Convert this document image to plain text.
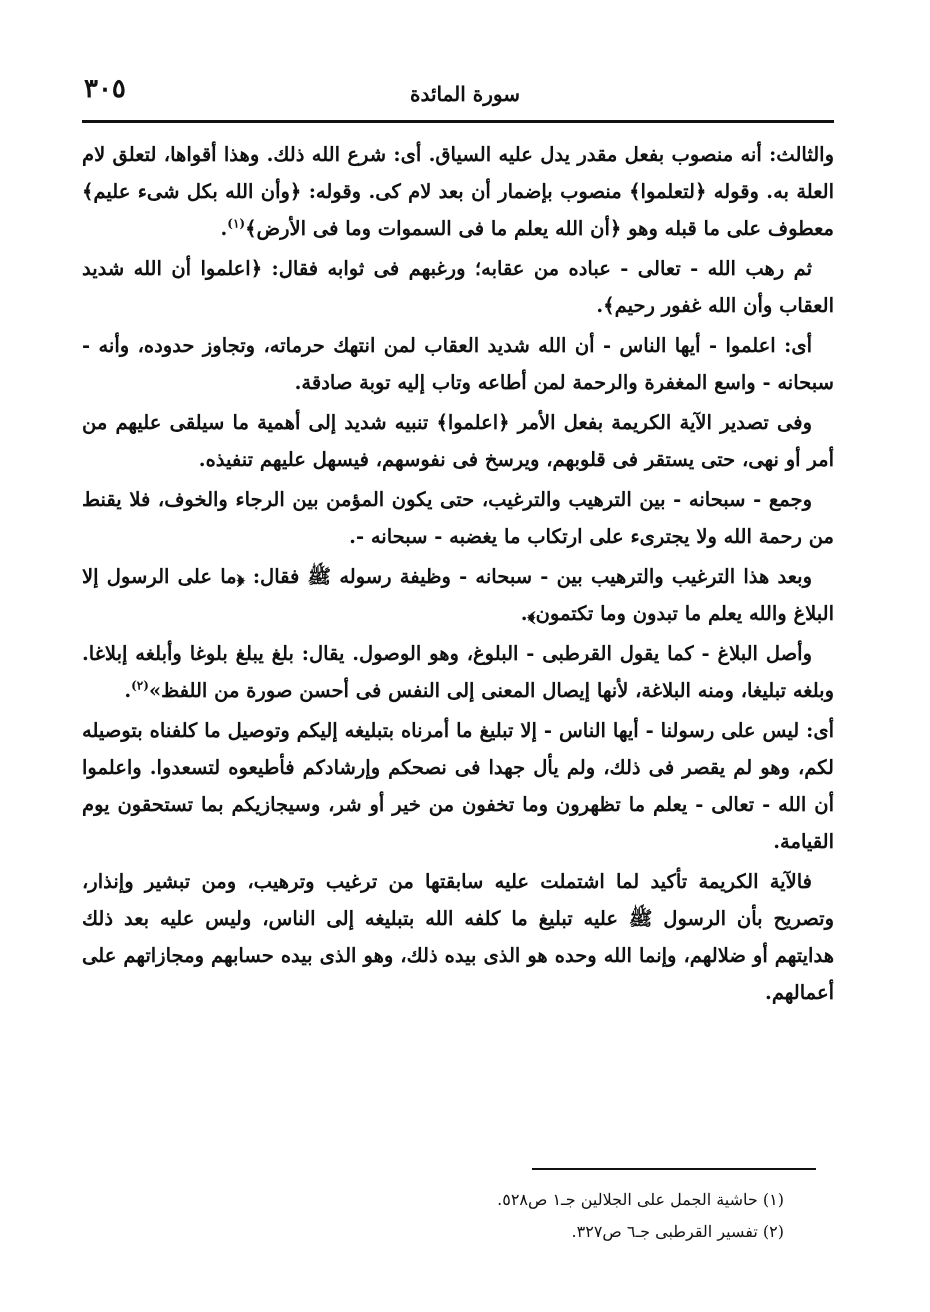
٣٠٥	سورة المائدة

والثالث: أنه منصوب بفعل مقدر يدل عليه السياق. أى: شرع الله ذلك. وهذا أقواها، لتعلق لام العلة به. وقوله ﴿لتعلموا﴾ منصوب بإضمار أن بعد لام كى. وقوله: ﴿وأن الله بكل شىء عليم﴾ معطوف على ما قبله وهو ﴿أن الله يعلم ما فى السموات وما فى الأرض﴾$^{(١)}$.

ثم رهب الله - تعالى - عباده من عقابه؛ ورغبهم فى ثوابه فقال: ﴿اعلموا أن الله شديد العقاب وأن الله غفور رحيم﴾.

أى: اعلموا - أيها الناس - أن الله شديد العقاب لمن انتهك حرماته، وتجاوز حدوده، وأنه - سبحانه - واسع المغفرة والرحمة لمن أطاعه وتاب إليه توبة صادقة.

وفى تصدير الآية الكريمة بفعل الأمر ﴿اعلموا﴾ تنبيه شديد إلى أهمية ما سيلقى عليهم من أمر أو نهى، حتى يستقر فى قلوبهم، ويرسخ فى نفوسهم، فيسهل عليهم تنفيذه.

وجمع - سبحانه - بين الترهيب والترغيب، حتى يكون المؤمن بين الرجاء والخوف، فلا يقنط من رحمة الله ولا يجترىء على ارتكاب ما يغضبه - سبحانه -.

وبعد هذا الترغيب والترهيب بين - سبحانه - وظيفة رسوله ﷺ فقال: ﴿ما على الرسول إلا البلاغ والله يعلم ما تبدون وما تكتمون﴾.

وأصل البلاغ - كما يقول القرطبى - البلوغ، وهو الوصول. يقال: بلغ يبلغ بلوغا وأبلغه إبلاغا. وبلغه تبليغا، ومنه البلاغة، لأنها إيصال المعنى إلى النفس فى أحسن صورة من اللفظ»$^{(٢)}$.

أى: ليس على رسولنا - أيها الناس - إلا تبليغ ما أمرناه بتبليغه إليكم وتوصيل ما كلفناه بتوصيله لكم، وهو لم يقصر فى ذلك، ولم يأل جهدا فى نصحكم وإرشادكم فأطيعوه لتسعدوا. واعلموا أن الله - تعالى - يعلم ما تظهرون وما تخفون من خير أو شر، وسيجازيكم بما تستحقون يوم القيامة.

فالآية الكريمة تأكيد لما اشتملت عليه سابقتها من ترغيب وترهيب، ومن تبشير وإنذار، وتصريح بأن الرسول ﷺ عليه تبليغ ما كلفه الله بتبليغه إلى الناس، وليس عليه بعد ذلك هدايتهم أو ضلالهم، وإنما الله وحده هو الذى بيده ذلك، وهو الذى بيده حسابهم ومجازاتهم على أعمالهم.

(١) حاشية الجمل على الجلالين جـ١ ص٥٢٨.
(٢) تفسير القرطبى جـ٦ ص٣٢٧.
